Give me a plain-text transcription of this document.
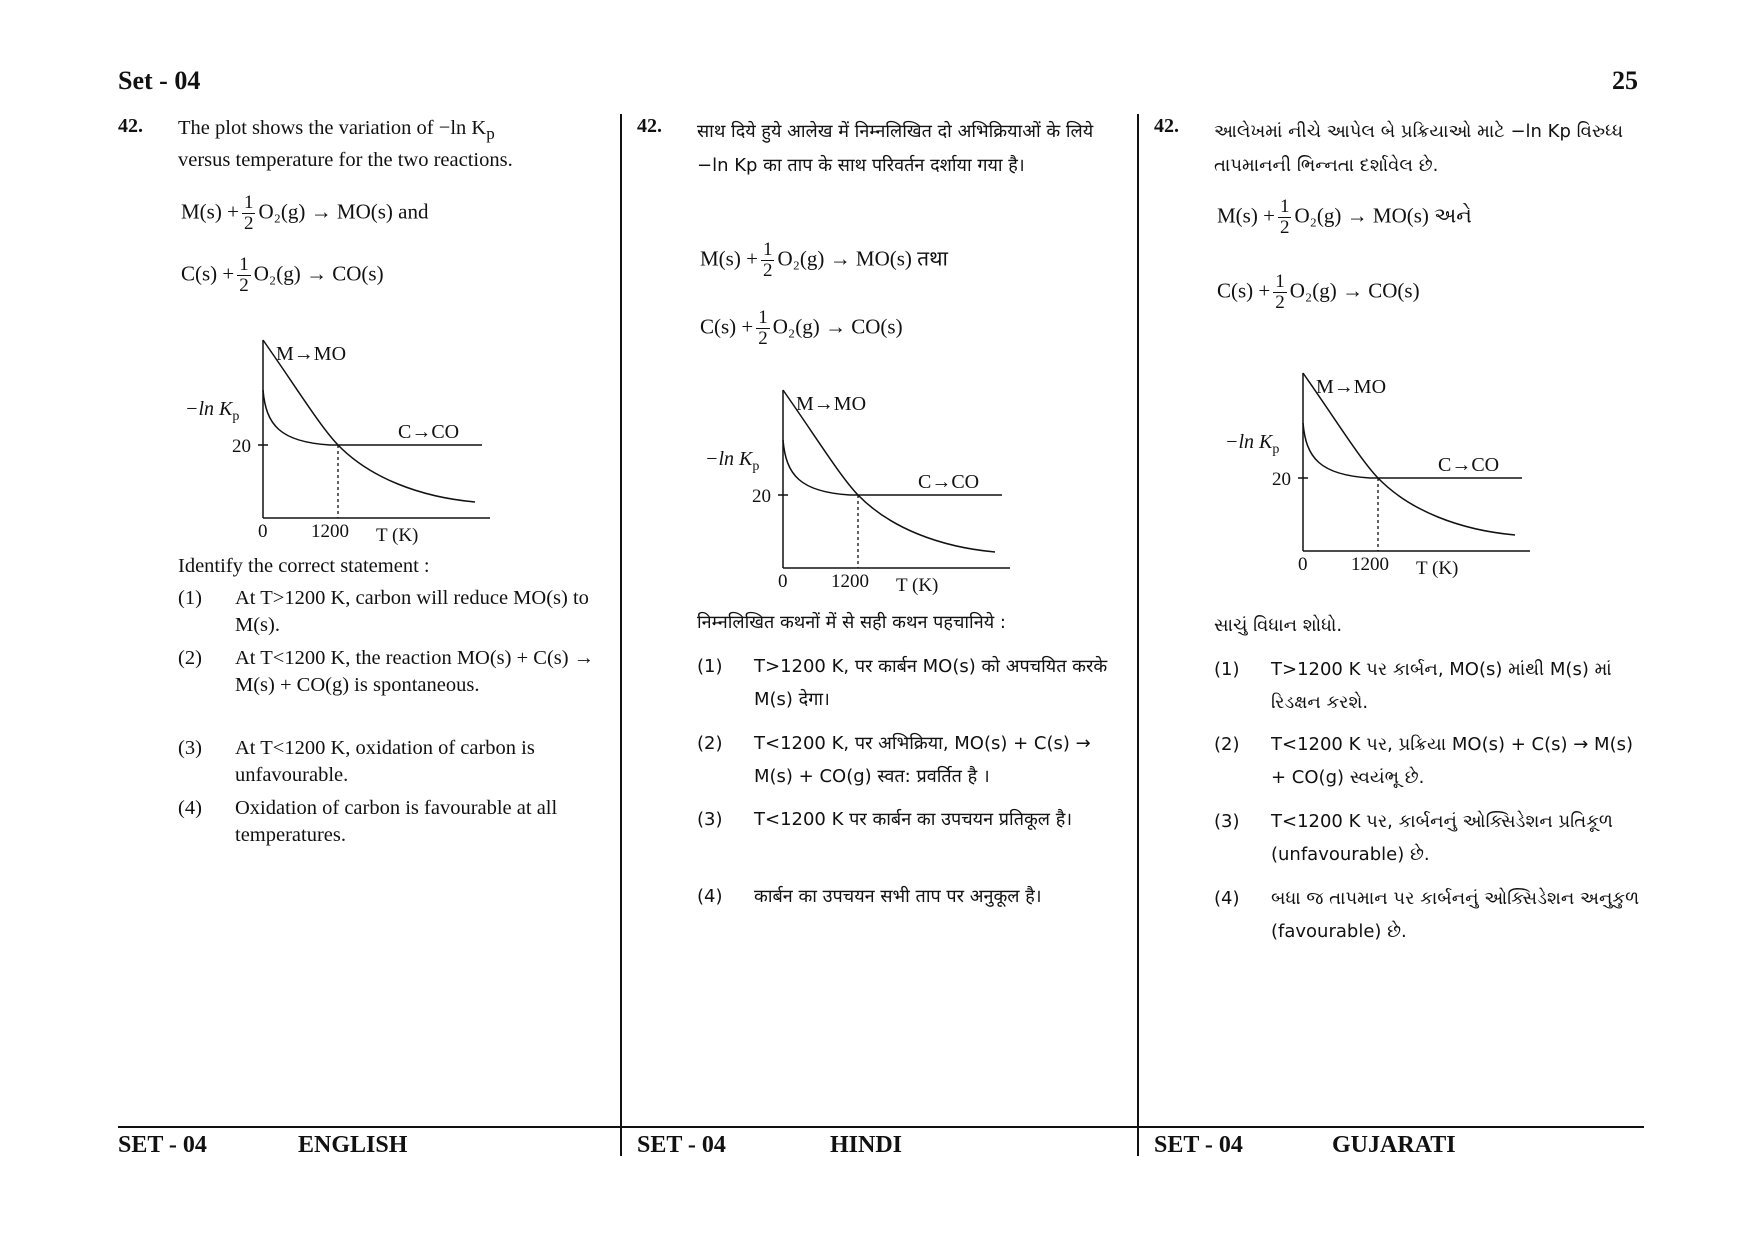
Set - 04	25
42. The plot shows the variation of −ln $K_p$
versus temperature for the two reactions.
$M(s) + \frac{1}{2} O_2(g) \to MO(s)$ and
$C(s) + \frac{1}{2} O_2(g) \to CO(s)$
Identify the correct statement :
(1) At T>1200 K, carbon will reduce MO(s) to M(s).
(2) At T<1200 K, the reaction MO(s) + C(s) → M(s) + CO(g) is spontaneous.
(3) At T<1200 K, oxidation of carbon is unfavourable.
(4) Oxidation of carbon is favourable at all temperatures.
M→MO
C→CO
−ln $K_p$
20
0 1200 T (K)
42. साथ दिये हुये आलेख में निम्नलिखित दो अभिक्रियाओं के लिये −ln Kp का ताप के साथ परिवर्तन दर्शाया गया है।
$M(s) + \frac{1}{2} O_2(g) \to MO(s)$ तथा
$C(s) + \frac{1}{2} O_2(g) \to CO(s)$
निम्नलिखित कथनों में से सही कथन पहचानिये :
(1) T>1200 K, पर कार्बन MO(s) को अपचयित करके M(s) देगा।
(2) T<1200 K, पर अभिक्रिया, MO(s) + C(s) → M(s) + CO(g) स्वत: प्रवर्तित है ।
(3) T<1200 K पर कार्बन का उपचयन प्रतिकूल है।
(4) कार्बन का उपचयन सभी ताप पर अनुकूल है।
M→MO
C→CO
−ln $K_p$
20
0 1200 T (K)
42. આલેખમાં નીચે આપેલ બે પ્રક્રિયાઓ માટે −ln Kp વિરુધ્ધ તાપમાનની ભિન્નતા દર્શાવેલ છે.
$M(s) + \frac{1}{2} O_2(g) \to MO(s)$ અને
$C(s) + \frac{1}{2} O_2(g) \to CO(s)$
સાચું વિધાન શોધો.
(1) T>1200 K પર કાર્બન, MO(s) માંથી M(s) માં રિડક્ષન કરશે.
(2) T<1200 K પર, પ્રક્રિયા MO(s) + C(s) → M(s) + CO(g) સ્વયંભૂ છે.
(3) T<1200 K પર, કાર્બનનું ઓક્સિડેશન પ્રતિકૂળ (unfavourable) છે.
(4) બધા જ તાપમાન પર કાર્બનનું ઓક્સિડેશન અનુકુળ (favourable) છે.
M→MO
C→CO
−ln $K_p$
20
0 1200 T (K)
SET - 04	ENGLISH	SET - 04	HINDI	SET - 04	GUJARATI
